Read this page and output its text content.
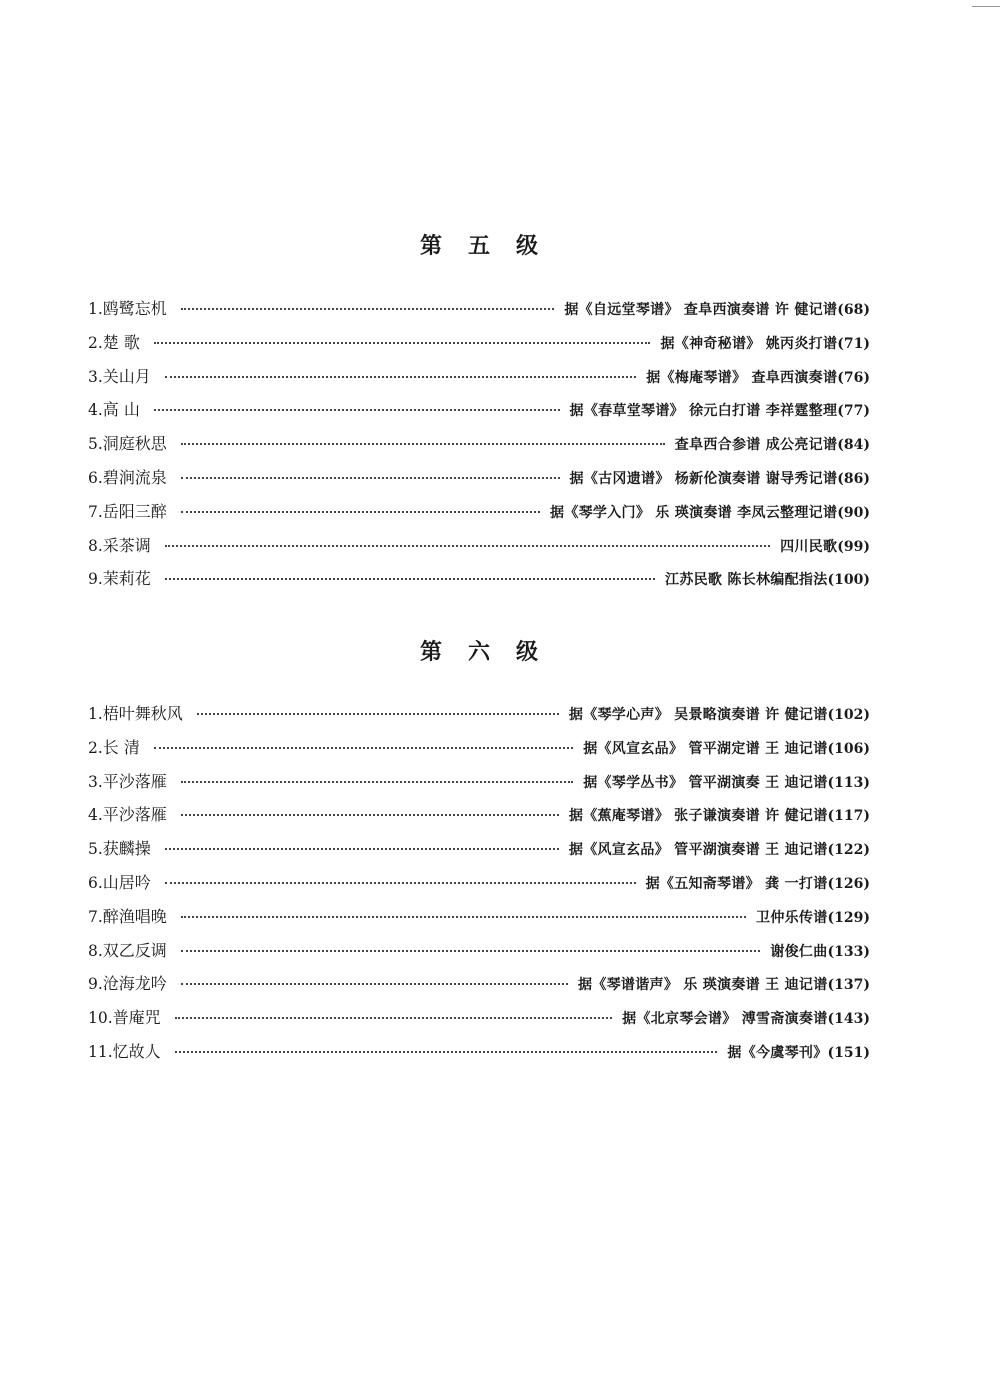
第五级
1. 鸥鹭忘机	据《自远堂琴谱》 查阜西演奏谱 许 健记谱 ( 68 )
2. 楚 歌	据《神奇秘谱》 姚丙炎打谱 ( 71 )
3. 关山月	据《梅庵琴谱》 查阜西演奏谱 ( 76 )
4. 高 山	据《春草堂琴谱》 徐元白打谱 李祥霆整理 ( 77 )
5. 洞庭秋思	查阜西合参谱 成公亮记谱 ( 84 )
6. 碧涧流泉	据《古冈遗谱》 杨新伦演奏谱 谢导秀记谱 ( 86 )
7. 岳阳三醉	据《琴学入门》 乐 瑛演奏谱 李凤云整理记谱 ( 90 )
8. 采茶调	四川民歌 ( 99 )
9. 茉莉花	江苏民歌 陈长林编配指法 ( 100 )
第六级
1. 梧叶舞秋风	据《琴学心声》 吴景略演奏谱 许 健记谱 ( 102 )
2. 长 清	据《风宣玄品》 管平湖定谱 王 迪记谱 ( 106 )
3. 平沙落雁	据《琴学丛书》 管平湖演奏 王 迪记谱 ( 113 )
4. 平沙落雁	据《蕉庵琴谱》 张子谦演奏谱 许 健记谱 ( 117 )
5. 获麟操	据《风宣玄品》 管平湖演奏谱 王 迪记谱 ( 122 )
6. 山居吟	据《五知斋琴谱》 龚 一打谱 ( 126 )
7. 醉渔唱晚	卫仲乐传谱 ( 129 )
8. 双乙反调	谢俊仁曲 ( 133 )
9. 沧海龙吟	据《琴谱谐声》 乐 瑛演奏谱 王 迪记谱 ( 137 )
10. 普庵咒	据《北京琴会谱》 溥雪斋演奏谱 ( 143 )
11. 忆故人	据《今虞琴刊》 ( 151 )
